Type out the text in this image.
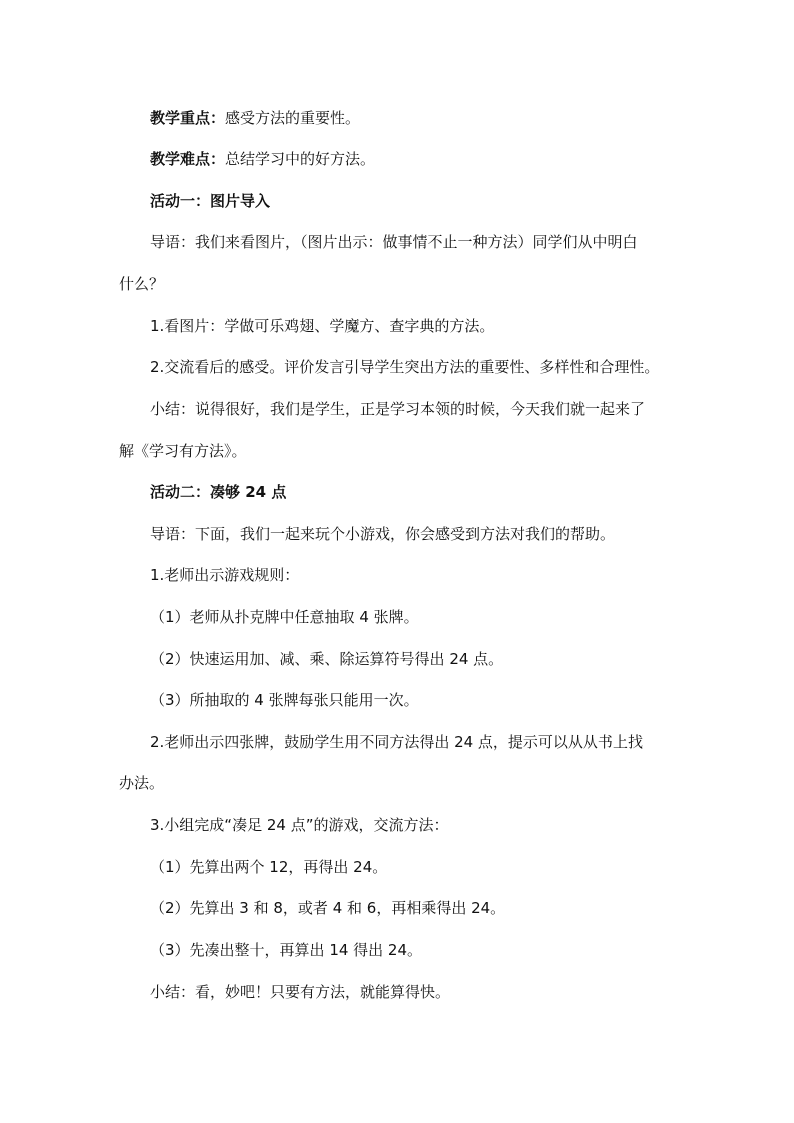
教学重点：感受方法的重要性。
教学难点：总结学习中的好方法。
活动一：图片导入
导语：我们来看图片，（图片出示：做事情不止一种方法）同学们从中明白
什么？
1.看图片：学做可乐鸡翅、学魔方、查字典的方法。
2.交流看后的感受。评价发言引导学生突出方法的重要性、多样性和合理性。
小结：说得很好，我们是学生，正是学习本领的时候，今天我们就一起来了
解《学习有方法》。
活动二：凑够 24 点
导语：下面，我们一起来玩个小游戏，你会感受到方法对我们的帮助。
1.老师出示游戏规则：
（1）老师从扑克牌中任意抽取 4 张牌。
（2）快速运用加、减、乘、除运算符号得出 24 点。
（3）所抽取的 4 张牌每张只能用一次。
2.老师出示四张牌，鼓励学生用不同方法得出 24 点，提示可以从从书上找
办法。
3.小组完成“凑足 24 点”的游戏，交流方法：
（1）先算出两个 12，再得出 24。
（2）先算出 3 和 8，或者 4 和 6，再相乘得出 24。
（3）先凑出整十，再算出 14 得出 24。
小结：看，妙吧！只要有方法，就能算得快。
